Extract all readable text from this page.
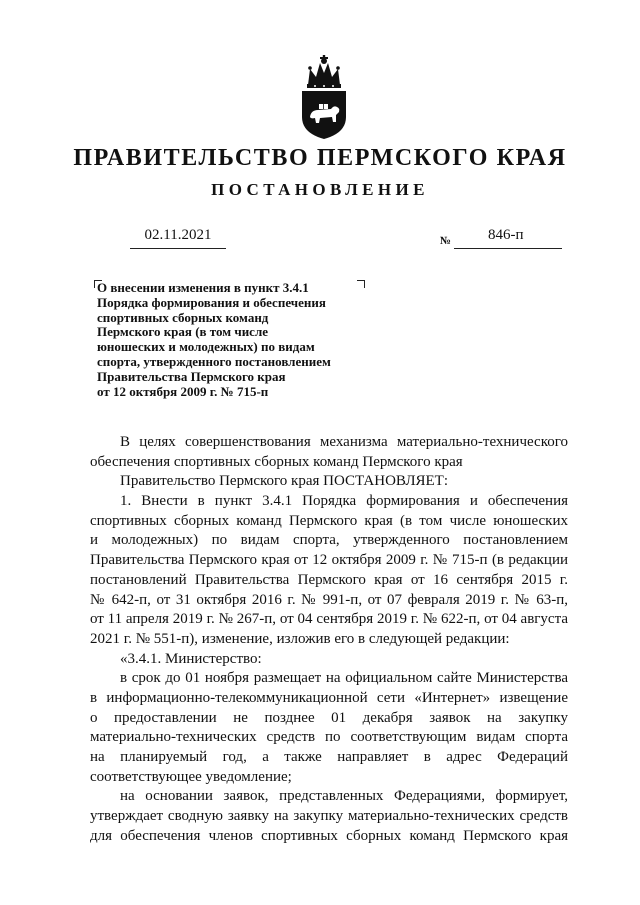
ПРАВИТЕЛЬСТВО ПЕРМСКОГО КРАЯ
ПОСТАНОВЛЕНИЕ
02.11.2021	№ 846-п
О внесении изменения в пункт 3.4.1
Порядка формирования и обеспечения
спортивных сборных команд
Пермского края (в том числе
юношеских и молодежных) по видам
спорта, утвержденного постановлением
Правительства Пермского края
от 12 октября 2009 г. № 715-п
В целях совершенствования механизма материально-технического
обеспечения спортивных сборных команд Пермского края
Правительство Пермского края ПОСТАНОВЛЯЕТ:
1. Внести в пункт 3.4.1 Порядка формирования и обеспечения
спортивных сборных команд Пермского края (в том числе юношеских
и молодежных) по видам спорта, утвержденного постановлением
Правительства Пермского края от 12 октября 2009 г. № 715-п (в редакции
постановлений Правительства Пермского края от 16 сентября 2015 г.
№ 642-п, от 31 октября 2016 г. № 991-п, от 07 февраля 2019 г. № 63-п,
от 11 апреля 2019 г. № 267-п, от 04 сентября 2019 г. № 622-п, от 04 августа
2021 г. № 551-п), изменение, изложив его в следующей редакции:
«3.4.1. Министерство:
в срок до 01 ноября размещает на официальном сайте Министерства
в информационно-телекоммуникационной сети «Интернет» извещение
о предоставлении не позднее 01 декабря заявок на закупку
материально-технических средств по соответствующим видам спорта
на планируемый год, а также направляет в адрес Федераций
соответствующее уведомление;
на основании заявок, представленных Федерациями, формирует,
утверждает сводную заявку на закупку материально-технических средств
для обеспечения членов спортивных сборных команд Пермского края
